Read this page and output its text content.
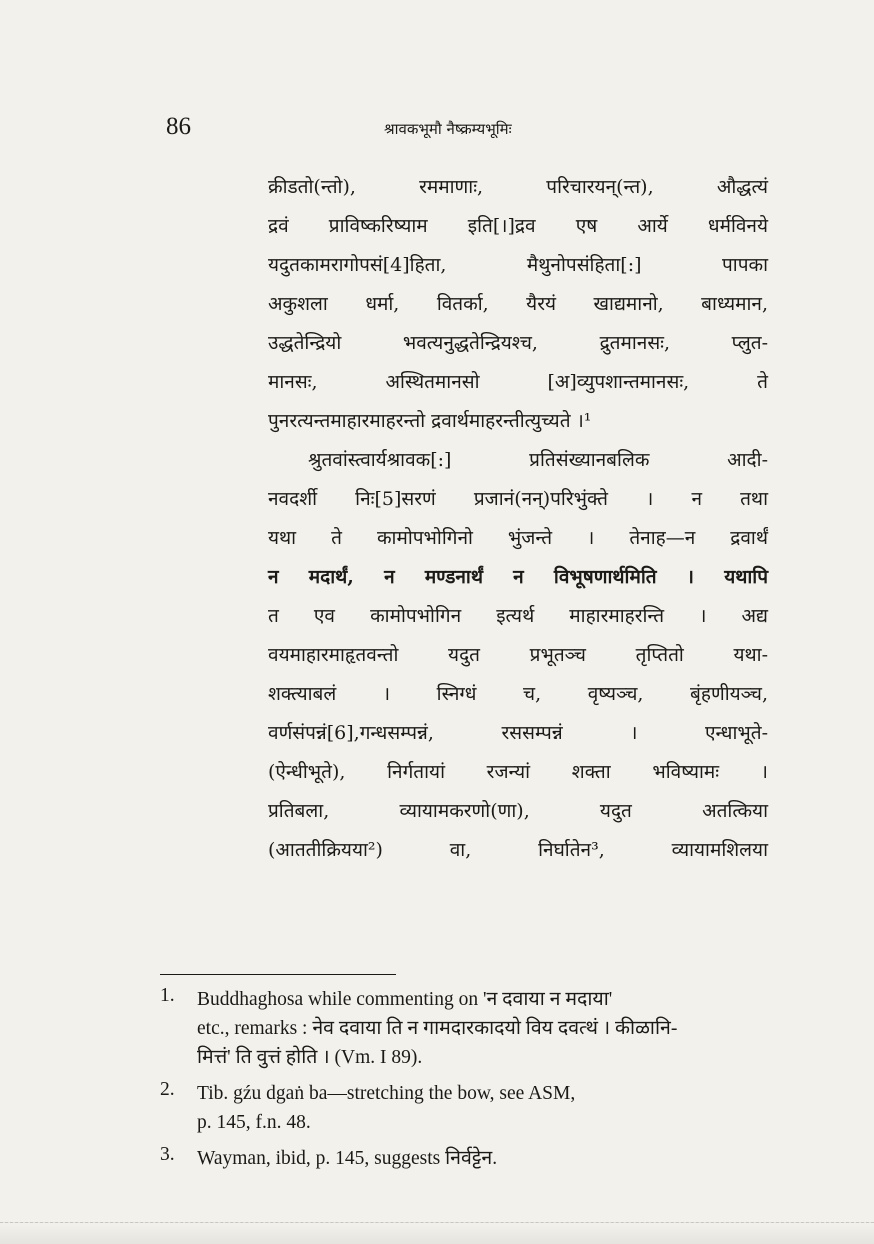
86	श्रावकभूमौ नैष्क्रम्यभूमिः
क्रीडतो(न्तो), रममाणाः, परिचारयन्(न्त), औद्धत्यं
द्रवं प्राविष्करिष्याम इति[।]द्रव एष आर्ये धर्मविनये
यदुतकामरागोपसं[4]हिता, मैथुनोपसंहिता[:] पापका
अकुशला धर्मा, वितर्का, यैरयं खाद्यमानो, बाध्यमान,
उद्धतेन्द्रियो भवत्यनुद्धतेन्द्रियश्च, द्रुतमानसः, प्लुत-
मानसः, अस्थितमानसो [अ]व्युपशान्तमानसः, ते
पुनरत्यन्तमाहारमाहरन्तो द्रवार्थमाहरन्तीत्युच्यते ।¹
श्रुतवांस्त्वार्यश्रावक[:] प्रतिसंख्यानबलिक आदी-
नवदर्शी निः[5]सरणं प्रजानं(नन्)परिभुंक्ते । न तथा
यथा ते कामोपभोगिनो भुंजन्ते । तेनाह—न द्रवार्थं
न मदार्थं, न मण्डनार्थं न विभूषणार्थमिति । यथापि
त एव कामोपभोगिन इत्यर्थ माहारमाहरन्ति । अद्य
वयमाहारमाहृतवन्तो यदुत प्रभूतञ्च तृप्तितो यथा-
शक्त्याबलं । स्निग्धं च, वृष्यञ्च, बृंहणीयञ्च,
वर्णसंपन्नं[6],गन्धसम्पन्नं, रससम्पन्नं । एन्धाभूते-
(ऐन्धीभूते), निर्गतायां रजन्यां शक्ता भविष्यामः ।
प्रतिबला, व्यायामकरणो(णा), यदुत अतत्किया
(आततीक्रियया²) वा, निर्घातेन³, व्यायामशिलया
1. Buddhaghosa while commenting on 'न दवाया न मदाया'
etc., remarks : नेव दवाया ति न गामदारकादयो विय दवत्थं । कीळानि-
मित्तं' ति वुत्तं होति । (Vm. I 89).
2. Tib. gźu dgaṅ ba—stretching the bow, see ASM,
p. 145, f.n. 48.
3. Wayman, ibid, p. 145, suggests निर्वट्टेन.
